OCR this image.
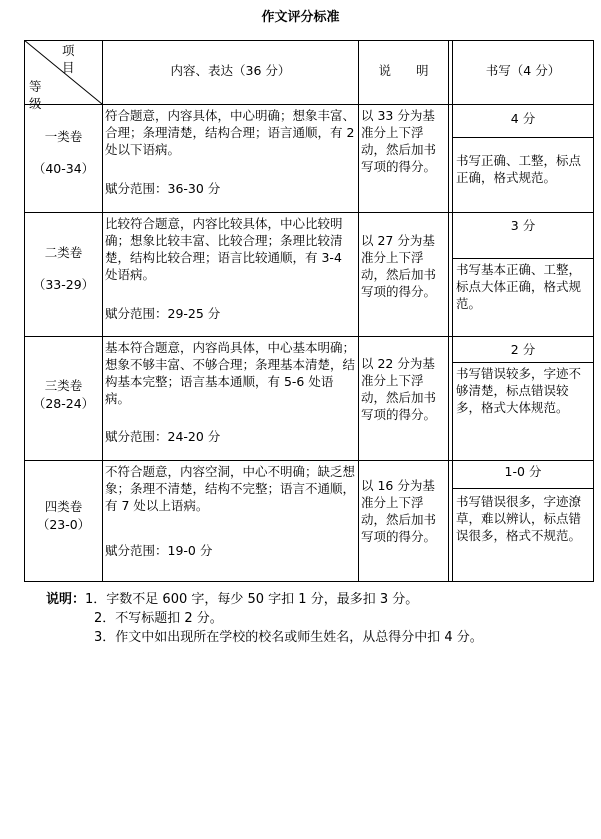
作文评分标准
项目
等级
内容、表达（36 分）	说　　明	书写（4 分）
一类卷
（40-34）
符合题意，内容具体，中心明确；想象丰富、合理；条理清楚，结构合理；语言通顺，有 2 处以下语病。
赋分范围：36-30 分
以 33 分为基准分上下浮动，然后加书写项的得分。
4 分
书写正确、工整，标点正确，格式规范。
二类卷
（33-29）
比较符合题意，内容比较具体，中心比较明确；想象比较丰富、比较合理；条理比较清楚，结构比较合理；语言比较通顺，有 3-4 处语病。
赋分范围：29-25 分
以 27 分为基准分上下浮动，然后加书写项的得分。
3 分
书写基本正确、工整，标点大体正确，格式规范。
三类卷
（28-24）
基本符合题意，内容尚具体，中心基本明确；想象不够丰富、不够合理；条理基本清楚，结构基本完整；语言基本通顺，有 5-6 处语病。
赋分范围：24-20 分
以 22 分为基准分上下浮动，然后加书写项的得分。
2 分
书写错误较多，字迹不够清楚，标点错误较多，格式大体规范。
四类卷
（23-0）
不符合题意，内容空洞，中心不明确；缺乏想象；条理不清楚，结构不完整；语言不通顺，有 7 处以上语病。
赋分范围：19-0 分
以 16 分为基准分上下浮动，然后加书写项的得分。
1-0 分
书写错误很多，字迹潦草，难以辨认，标点错误很多，格式不规范。
说明：1．字数不足 600 字，每少 50 字扣 1 分，最多扣 3 分。
2．不写标题扣 2 分。
3．作文中如出现所在学校的校名或师生姓名，从总得分中扣 4 分。
